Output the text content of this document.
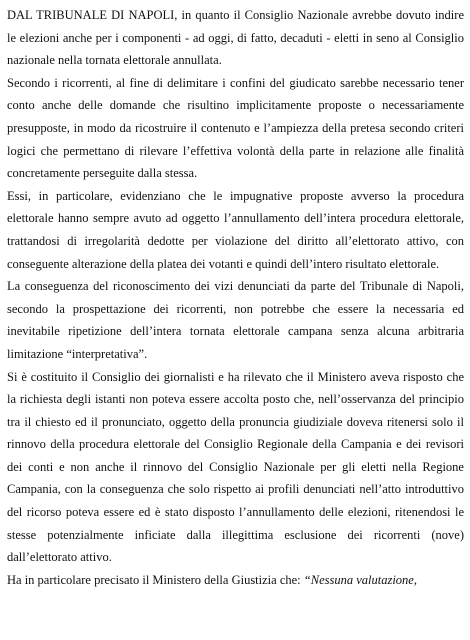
DAL TRIBUNALE DI NAPOLI, in quanto il Consiglio Nazionale avrebbe dovuto indire le elezioni anche per i componenti - ad oggi, di fatto, decaduti - eletti in seno al Consiglio nazionale nella tornata elettorale annullata.

Secondo i ricorrenti, al fine di delimitare i confini del giudicato sarebbe necessario tener conto anche delle domande che risultino implicitamente proposte o necessariamente presupposte, in modo da ricostruire il contenuto e l’ampiezza della pretesa secondo criteri logici che permettano di rilevare l’effettiva volontà della parte in relazione alle finalità concretamente perseguite dalla stessa.

Essi, in particolare, evidenziano che le impugnative proposte avverso la procedura elettorale hanno sempre avuto ad oggetto l’annullamento dell’intera procedura elettorale, trattandosi di irregolarità dedotte per violazione del diritto all’elettorato attivo, con conseguente alterazione della platea dei votanti e quindi dell’intero risultato elettorale.

La conseguenza del riconoscimento dei vizi denunciati da parte del Tribunale di Napoli, secondo la prospettazione dei ricorrenti, non potrebbe che essere la necessaria ed inevitabile ripetizione dell’intera tornata elettorale campana senza alcuna arbitraria limitazione “interpretativa”.

Si è costituito il Consiglio dei giornalisti e ha rilevato che il Ministero aveva risposto che la richiesta degli istanti non poteva essere accolta posto che, nell’osservanza del principio tra il chiesto ed il pronunciato, oggetto della pronuncia giudiziale doveva ritenersi solo il rinnovo della procedura elettorale del Consiglio Regionale della Campania e dei revisori dei conti e non anche il rinnovo del Consiglio Nazionale per gli eletti nella Regione Campania, con la conseguenza che solo rispetto ai profili denunciati nell’atto introduttivo del ricorso poteva essere ed è stato disposto l’annullamento delle elezioni, ritenendosi le stesse potenzialmente inficiate dalla illegittima esclusione dei ricorrenti (nove) dall’elettorato attivo.

Ha in particolare precisato il Ministero della Giustizia che: “Nessuna valutazione,
